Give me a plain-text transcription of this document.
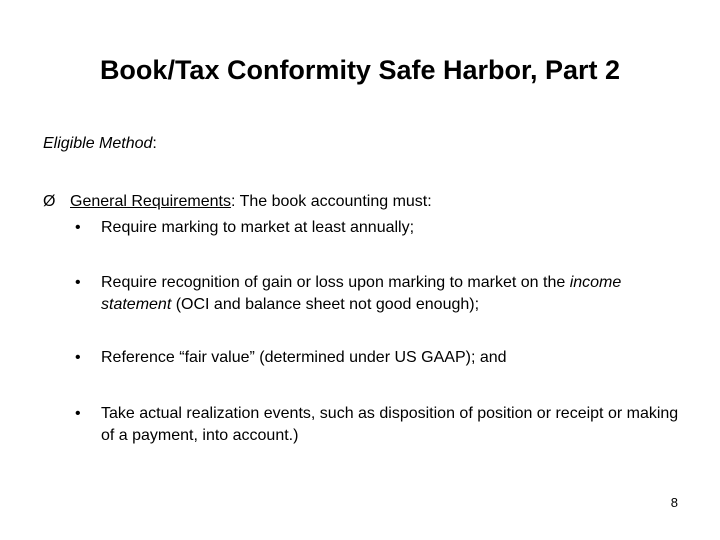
Book/Tax Conformity Safe Harbor, Part 2
Eligible Method:
Ø General Requirements: The book accounting must:
•	Require marking to market at least annually;
•	Require recognition of gain or loss upon marking to market on the income statement (OCI and balance sheet not good enough);
•	Reference “fair value” (determined under US GAAP); and
•	Take actual realization events, such as disposition of position or receipt or making of a payment, into account.)
8
